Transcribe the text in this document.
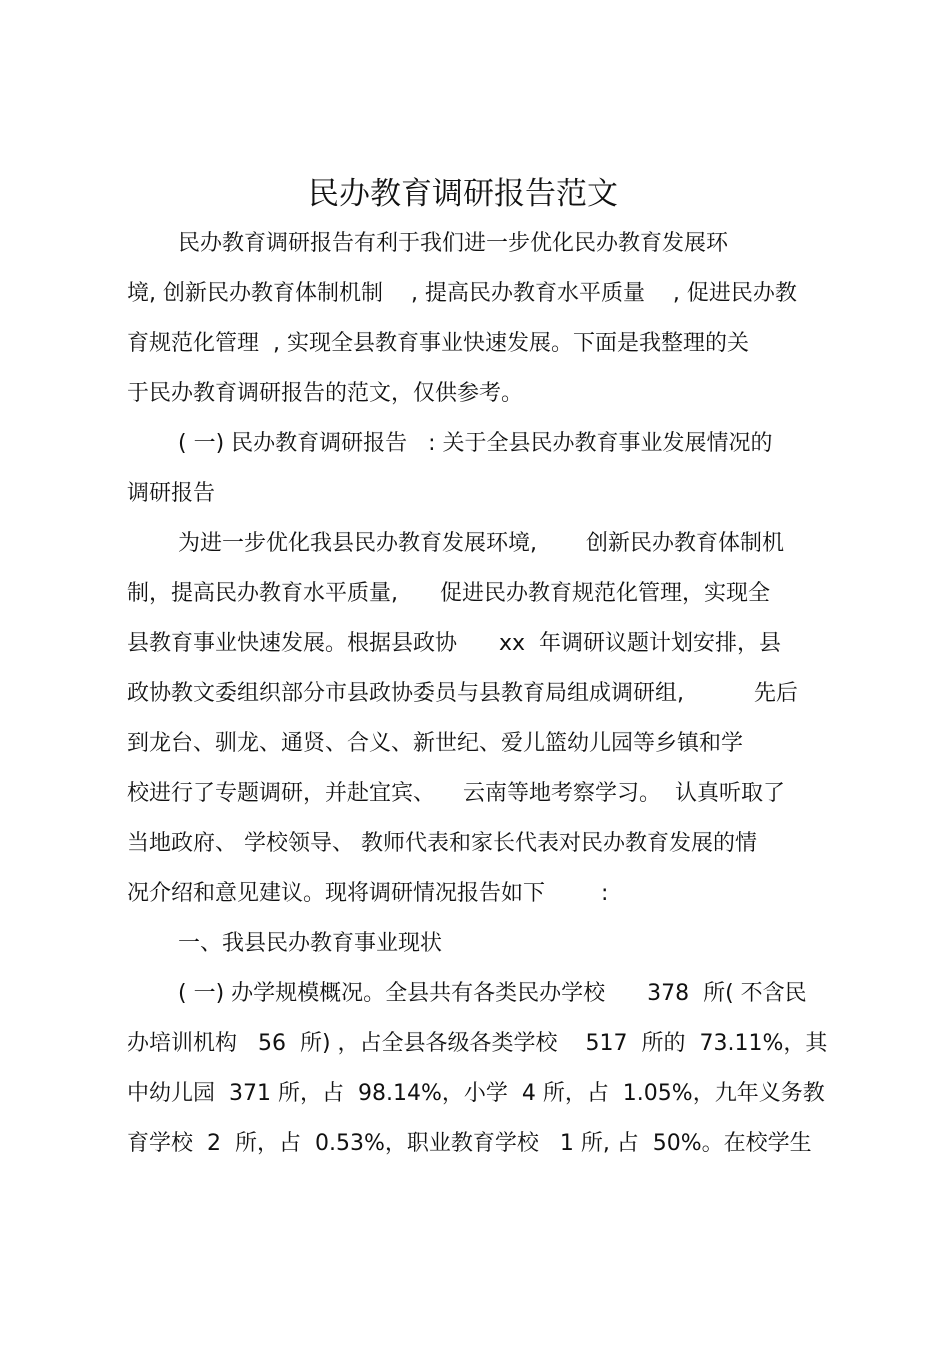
民办教育调研报告范文

民办教育调研报告有利于我们进一步优化民办教育发展环

境, 创新民办教育体制机制    , 提高民办教育水平质量    , 促进民办教

育规范化管理  , 实现全县教育事业快速发展。下面是我整理的关

于民办教育调研报告的范文，仅供参考。

( 一) 民办教育调研报告   : 关于全县民办教育事业发展情况的

调研报告

为进一步优化我县民办教育发展环境,       创新民办教育体制机

制，提高民办教育水平质量,      促进民办教育规范化管理，实现全

县教育事业快速发展。根据县政协      xx  年调研议题计划安排，县

政协教文委组织部分市县政协委员与县教育局组成调研组,          先后

到龙台、驯龙、通贤、合义、新世纪、爱儿篮幼儿园等乡镇和学

校进行了专题调研，并赴宜宾、    云南等地考察学习。  认真听取了

当地政府、 学校领导、 教师代表和家长代表对民办教育发展的情

况介绍和意见建议。现将调研情况报告如下        :

一、我县民办教育事业现状

( 一) 办学规模概况。全县共有各类民办学校      378  所( 不含民

办培训机构   56  所) ，占全县各级各类学校    517  所的  73.11%，其

中幼儿园  371 所，占  98.14%，小学  4 所，占  1.05%，九年义务教

育学校  2  所，占  0.53%，职业教育学校   1 所, 占  50%。在校学生
